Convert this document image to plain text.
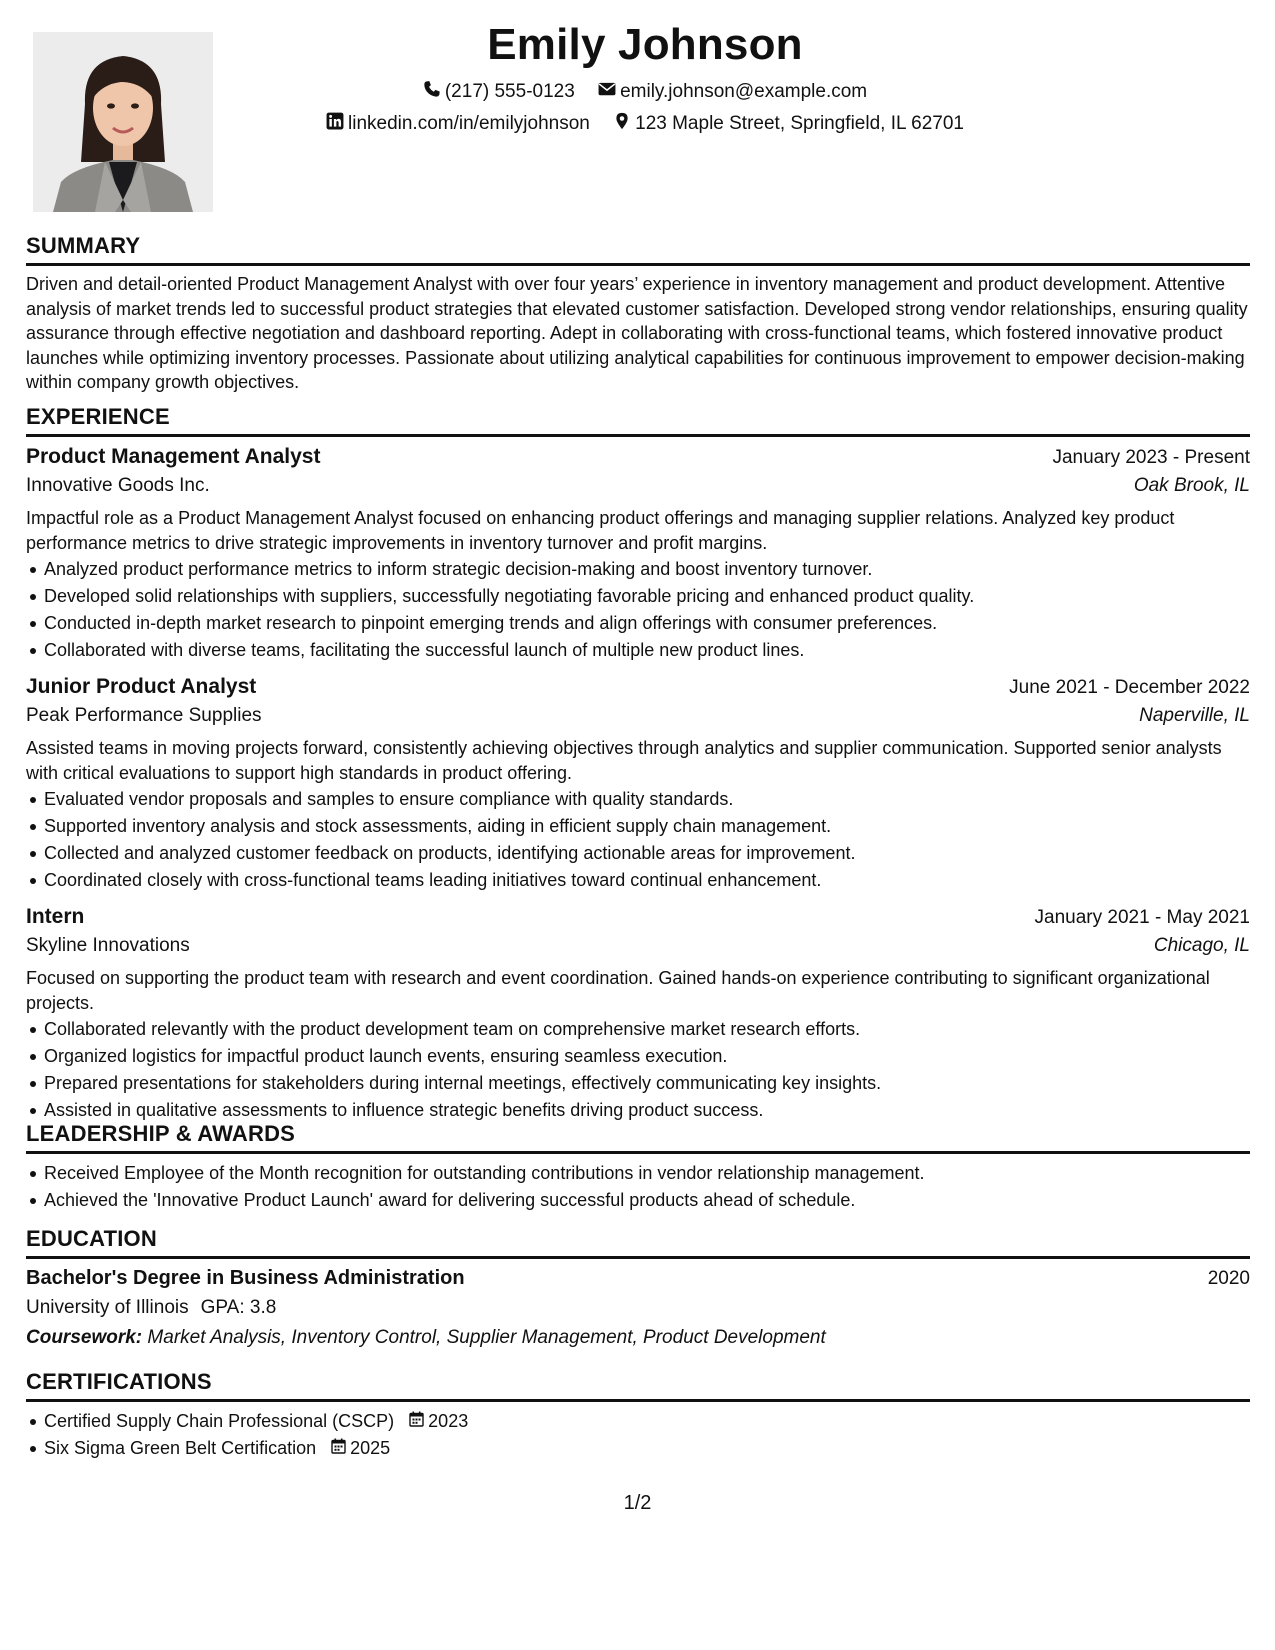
Emily Johnson
(217) 555-0123
emily.johnson@example.com
linkedin.com/in/emilyjohnson
123 Maple Street, Springfield, IL 62701
SUMMARY
Driven and detail-oriented Product Management Analyst with over four years’ experience in inventory management and product development. Attentive analysis of market trends led to successful product strategies that elevated customer satisfaction. Developed strong vendor relationships, ensuring quality assurance through effective negotiation and dashboard reporting. Adept in collaborating with cross-functional teams, which fostered innovative product launches while optimizing inventory processes. Passionate about utilizing analytical capabilities for continuous improvement to empower decision-making within company growth objectives.
EXPERIENCE
Product Management Analyst	January 2023 - Present
Innovative Goods Inc.	Oak Brook, IL
Impactful role as a Product Management Analyst focused on enhancing product offerings and managing supplier relations. Analyzed key product performance metrics to drive strategic improvements in inventory turnover and profit margins.
Analyzed product performance metrics to inform strategic decision-making and boost inventory turnover.
Developed solid relationships with suppliers, successfully negotiating favorable pricing and enhanced product quality.
Conducted in-depth market research to pinpoint emerging trends and align offerings with consumer preferences.
Collaborated with diverse teams, facilitating the successful launch of multiple new product lines.
Junior Product Analyst	June 2021 - December 2022
Peak Performance Supplies	Naperville, IL
Assisted teams in moving projects forward, consistently achieving objectives through analytics and supplier communication. Supported senior analysts with critical evaluations to support high standards in product offering.
Evaluated vendor proposals and samples to ensure compliance with quality standards.
Supported inventory analysis and stock assessments, aiding in efficient supply chain management.
Collected and analyzed customer feedback on products, identifying actionable areas for improvement.
Coordinated closely with cross-functional teams leading initiatives toward continual enhancement.
Intern	January 2021 - May 2021
Skyline Innovations	Chicago, IL
Focused on supporting the product team with research and event coordination. Gained hands-on experience contributing to significant organizational projects.
Collaborated relevantly with the product development team on comprehensive market research efforts.
Organized logistics for impactful product launch events, ensuring seamless execution.
Prepared presentations for stakeholders during internal meetings, effectively communicating key insights.
Assisted in qualitative assessments to influence strategic benefits driving product success.
LEADERSHIP & AWARDS
Received Employee of the Month recognition for outstanding contributions in vendor relationship management.
Achieved the 'Innovative Product Launch' award for delivering successful products ahead of schedule.
EDUCATION
Bachelor's Degree in Business Administration	2020
University of Illinois GPA: 3.8
Coursework: Market Analysis, Inventory Control, Supplier Management, Product Development
CERTIFICATIONS
Certified Supply Chain Professional (CSCP) 2023
Six Sigma Green Belt Certification 2025
1/2
